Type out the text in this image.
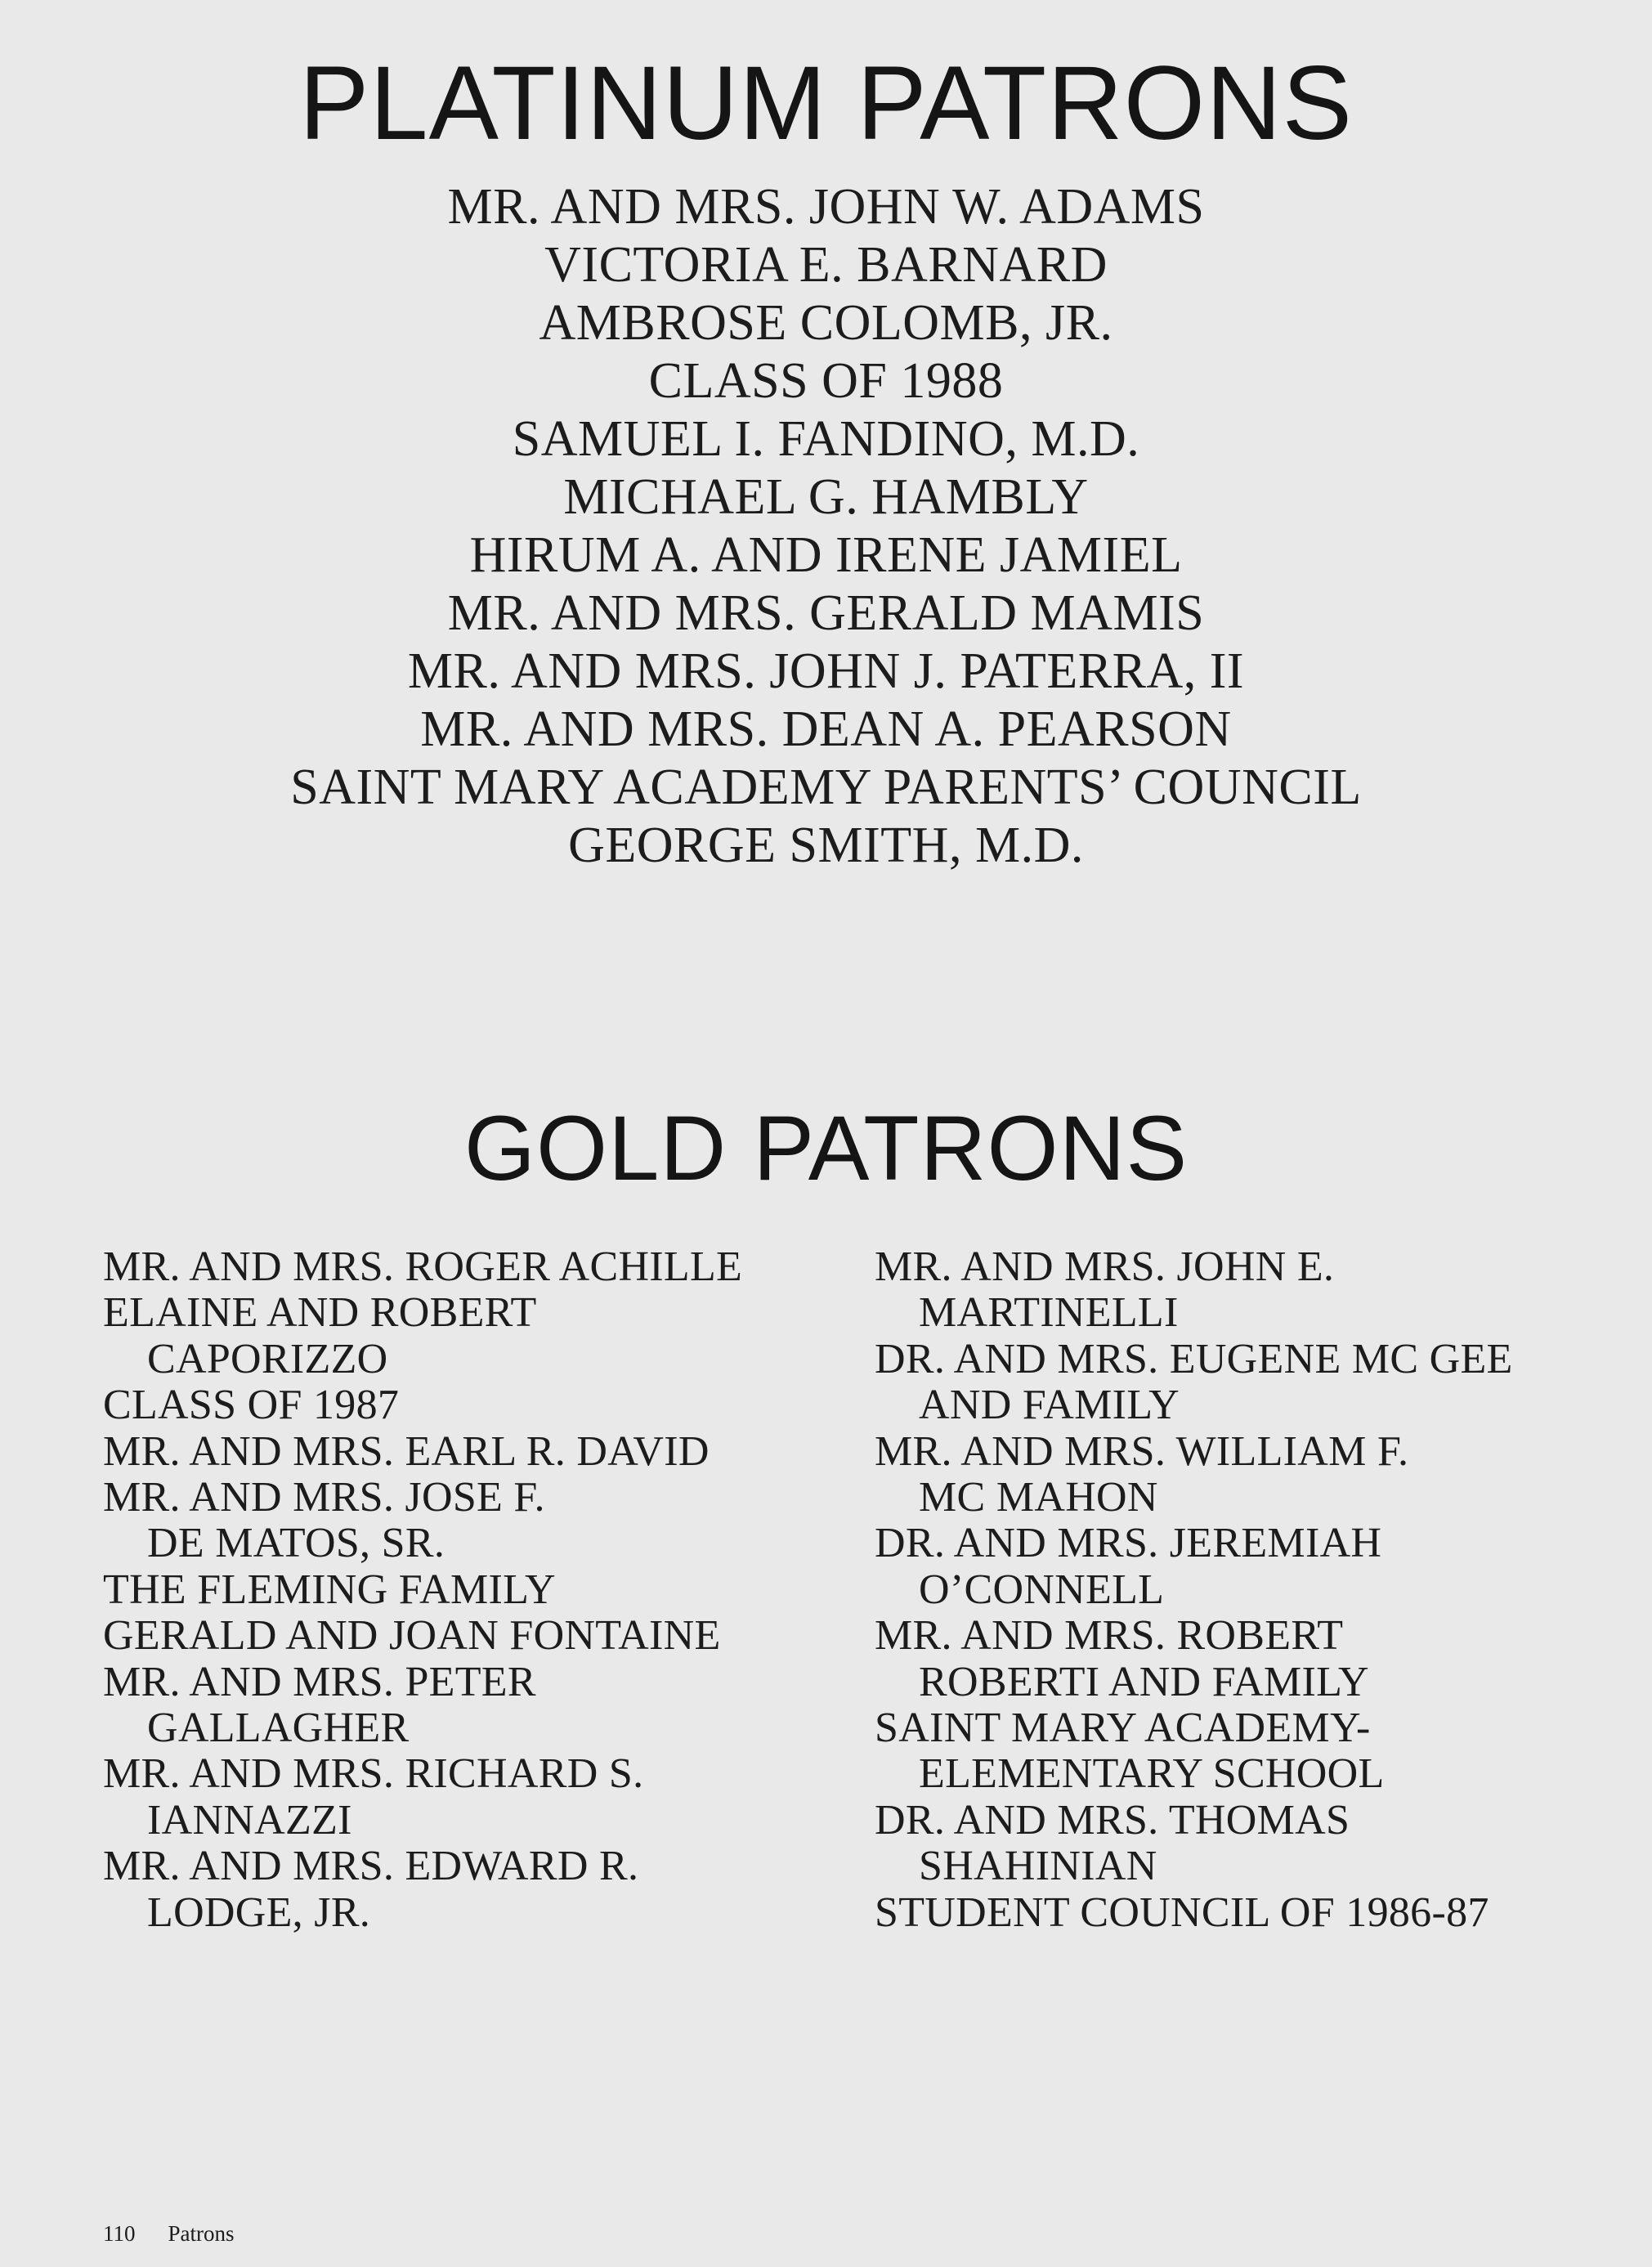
PLATINUM PATRONS
MR. AND MRS. JOHN W. ADAMS
VICTORIA E. BARNARD
AMBROSE COLOMB, JR.
CLASS OF 1988
SAMUEL I. FANDINO, M.D.
MICHAEL G. HAMBLY
HIRUM A. AND IRENE JAMIEL
MR. AND MRS. GERALD MAMIS
MR. AND MRS. JOHN J. PATERRA, II
MR. AND MRS. DEAN A. PEARSON
SAINT MARY ACADEMY PARENTS’ COUNCIL
GEORGE SMITH, M.D.
GOLD PATRONS
MR. AND MRS. ROGER ACHILLE
ELAINE AND ROBERT
CAPORIZZO
CLASS OF 1987
MR. AND MRS. EARL R. DAVID
MR. AND MRS. JOSE F.
DE MATOS, SR.
THE FLEMING FAMILY
GERALD AND JOAN FONTAINE
MR. AND MRS. PETER
GALLAGHER
MR. AND MRS. RICHARD S.
IANNAZZI
MR. AND MRS. EDWARD R.
LODGE, JR.
MR. AND MRS. JOHN E.
MARTINELLI
DR. AND MRS. EUGENE MC GEE
AND FAMILY
MR. AND MRS. WILLIAM F.
MC MAHON
DR. AND MRS. JEREMIAH
O’CONNELL
MR. AND MRS. ROBERT
ROBERTI AND FAMILY
SAINT MARY ACADEMY-
ELEMENTARY SCHOOL
DR. AND MRS. THOMAS
SHAHINIAN
STUDENT COUNCIL OF 1986-87
110 Patrons
